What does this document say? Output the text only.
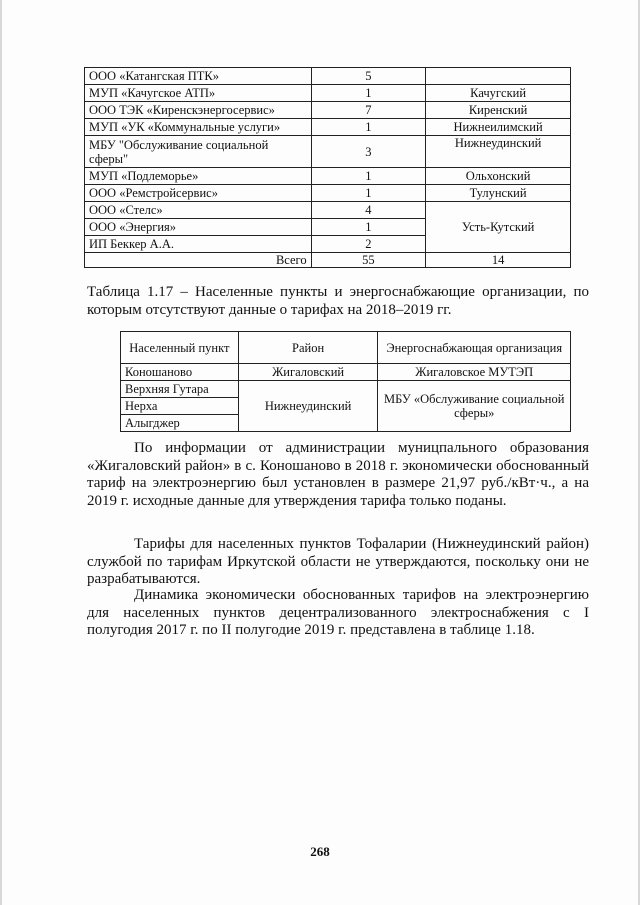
ООО «Катангская ПТК»	5	
МУП «Качугское АТП»	1	Качугский
ООО ТЭК «Киренскэнергосервис»	7	Киренский
МУП «УК «Коммунальные услуги»	1	Нижнеилимский
МБУ "Обслуживание социальной сферы"	3	Нижнеудинский
МУП «Подлеморье»	1	Ольхонский
ООО «Ремстройсервис»	1	Тулунский
ООО «Стелс»	4	Усть-Кутский
ООО «Энергия»	1	
ИП Беккер А.А.	2	
Всего	55	14

Таблица 1.17 – Населенные пункты и энергоснабжающие организации, по которым отсутствуют данные о тарифах на 2018–2019 гг.

Населенный пункт	Район	Энергоснабжающая организация
Коношаново	Жигаловский	Жигаловское МУТЭП
Верхняя Гутара	Нижнеудинский	МБУ «Обслуживание социальной сферы»
Нерха		
Алыгджер		

По информации от администрации муницпального образования «Жигаловский район» в с. Коношаново в 2018 г. экономически обоснованный тариф на электроэнергию был установлен в размере 21,97 руб./кВт·ч., а на 2019 г. исходные данные для утверждения тарифа только поданы.

Тарифы для населенных пунктов Тофаларии (Нижнеудинский район) службой по тарифам Иркутской области не утверждаются, поскольку они не разрабатываются.

Динамика экономически обоснованных тарифов на электроэнергию для населенных пунктов децентрализованного электроснабжения с I полугодия 2017 г. по II полугодие 2019 г. представлена в таблице 1.18.

268
